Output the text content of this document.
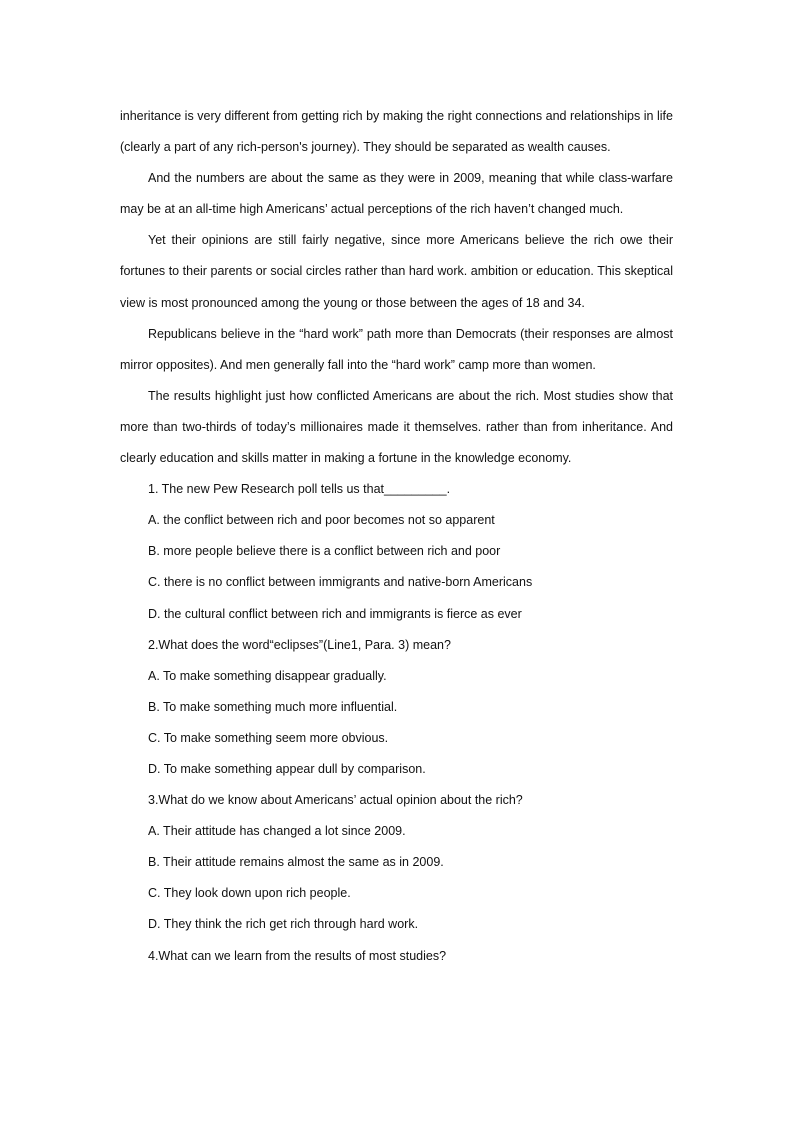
inheritance is very different from getting rich by making the right connections and relationships in life (clearly a part of any rich-person's journey). They should be separated as wealth causes.

And the numbers are about the same as they were in 2009, meaning that while class-warfare may be at an all-time high Americans’ actual perceptions of the rich haven’t changed much.

Yet their opinions are still fairly negative, since more Americans believe the rich owe their fortunes to their parents or social circles rather than hard work. ambition or education. This skeptical view is most pronounced among the young or those between the ages of 18 and 34.

Republicans believe in the “hard work” path more than Democrats (their responses are almost mirror opposites). And men generally fall into the “hard work” camp more than women.

The results highlight just how conflicted Americans are about the rich. Most studies show that more than two-thirds of today’s millionaires made it themselves. rather than from inheritance. And clearly education and skills matter in making a fortune in the knowledge economy.

1. The new Pew Research poll tells us that_________.

A. the conflict between rich and poor becomes not so apparent

B. more people believe there is a conflict between rich and poor

C. there is no conflict between immigrants and native-born Americans

D. the cultural conflict between rich and immigrants is fierce as ever

2.What does the word“eclipses”(Line1, Para. 3) mean?

A. To make something disappear gradually.

B. To make something much more influential.

C. To make something seem more obvious.

D. To make something appear dull by comparison.

3.What do we know about Americans’ actual opinion about the rich?

A. Their attitude has changed a lot since 2009.

B. Their attitude remains almost the same as in 2009.

C. They look down upon rich people.

D. They think the rich get rich through hard work.

4.What can we learn from the results of most studies?
